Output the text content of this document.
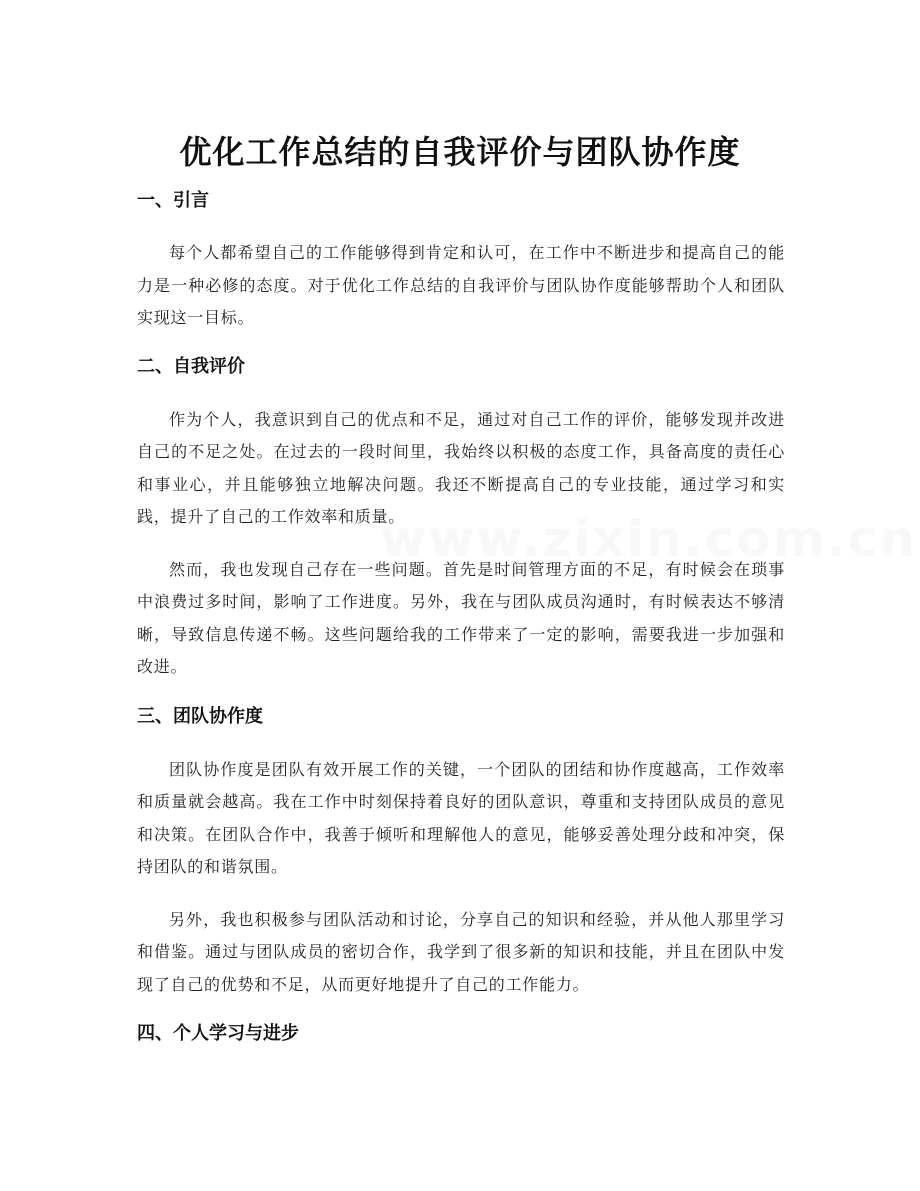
www.zixin.com.cn
优化工作总结的自我评价与团队协作度
一、引言

每个人都希望自己的工作能够得到肯定和认可，在工作中不断进步和提高自己的能力是一种必修的态度。对于优化工作总结的自我评价与团队协作度能够帮助个人和团队实现这一目标。

二、自我评价

作为个人，我意识到自己的优点和不足，通过对自己工作的评价，能够发现并改进自己的不足之处。在过去的一段时间里，我始终以积极的态度工作，具备高度的责任心和事业心，并且能够独立地解决问题。我还不断提高自己的专业技能，通过学习和实践，提升了自己的工作效率和质量。

然而，我也发现自己存在一些问题。首先是时间管理方面的不足，有时候会在琐事中浪费过多时间，影响了工作进度。另外，我在与团队成员沟通时，有时候表达不够清晰，导致信息传递不畅。这些问题给我的工作带来了一定的影响，需要我进一步加强和改进。

三、团队协作度

团队协作度是团队有效开展工作的关键，一个团队的团结和协作度越高，工作效率和质量就会越高。我在工作中时刻保持着良好的团队意识，尊重和支持团队成员的意见和决策。在团队合作中，我善于倾听和理解他人的意见，能够妥善处理分歧和冲突，保持团队的和谐氛围。

另外，我也积极参与团队活动和讨论，分享自己的知识和经验，并从他人那里学习和借鉴。通过与团队成员的密切合作，我学到了很多新的知识和技能，并且在团队中发现了自己的优势和不足，从而更好地提升了自己的工作能力。

四、个人学习与进步
